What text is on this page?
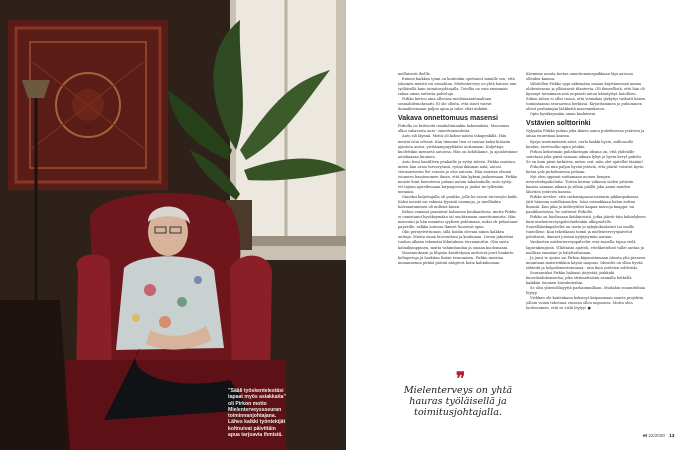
”Sääli työskentelestäsi

tapaat myös asiakkaita”

oli Pirkon motto

Mielenterveyssseuran

toiminnanjohtajana.

Lähes kaikki työntekijät

koltnuivat päivittäin

apua tarjoavia ihmisiä.

mellaisesti ihollle.

Eninen kaikkea tyimi on kuitenkin opettanut minulle sen, että jokainen meistä voi romahtaa. Mielenterveys on yhtä hauras niin työläisellä kuin toimitusjohtajalla. Totellia on vain enemmän rahaa omaa auttavia palveluja.

Pirkko kertoo aina olleensa mielenmaatemaltaan sosiaalidemokraatti. Ei ole olleita, että isiset rasvat ilomaiheensaan paljon apua ja tulee eltät mikään.

Vakava onnettomuus masensi

Pirkolla on kritisoitä omakohtainakin kokemuksia. Masennus alkoi vakavasta auto- onnettomuudesta.

Auto sili läynnä. Meitä oli kolme naista takapenkillä. Hän meistä istui edessä. Kun tiimeme tien ei vauraa kaksi kolariin ajantota autoa, yrittäminpuyyhkäisi uuttamaan. Kuljettaja kuolettikin mennetä autoissa. Hän on kohdilanne, ja ajasdutimme autokaasan kuumen.

Auto leosi kaatilleen penkaille ja syttyi tuleen. Pirkko muistaa, miten hän avasi turvavyönsä, ryömi ikkunan auki, autosi vierasaviverin ltrt voiosta ja ulos autosta. Hän muistaa olenaú istuneen bussinsumen ilman, että hän kykeni juoksemaan. Pirkko muiste kunt hemotessa pulaan autoin takaloukulle, auto syttyi, ett tajuan ajatellessaan kirpaajeesta ja juoksi tie tyllentän mennäsi.

Onneksi kuljettajalla oli puukko, jolla he saivat turvavyön kaikt. Kaksi meistä sai vakavia fyysisiä vammoja, ja tmellänkin halvaantuminen oli millenä käsen.

Kehon vammat paranivat kolmessa kuukaudessa, mutta Pirkko ei onnistunut hyväksymään tai unohtamaan onnettomuutta. Hän masentui ja hän maanitsi syyksen pohtimaan, miksi oli pelastanut paperille, valkka autossa lhmset huusivat apua.

Olin peruyrivittunnut, sillä hoidin olevani niinin kaikkea auttaja. Mietin omaa luovuuttani ja koulumaa. Lövsin jaksetiini tuohon alkaan tekemäni litkutuksen terraannittin. Olin vasta kolmikymppinen, mutta vahimitandan ja omaan kuolemaani.

Masennukseni ja lihpeän kasittelyssä auttoivat joset hankittu koltaperuja ja harkitan lisään ternomisen. Pirkko muistaa muuannenna pitkää päivää säägtevä kotia kahtalmoaan.

Kävimme monta kertaa onnettomuuspaikkaan läpi autossa olleiden kanssa.

Vähitellen Pirkko oppi näkemään omaan käyttäneensä mama olokeutensuo ja ylläistavät tilanteeta. Oli ihmeellistä, että hän oli kyennyt toimimaan niin nopeasti auton kääntyttyä katolleen. Siihen tuhen ei ollut ruoua, että voimakas järkytys vaikutti hänen toimintaansa seuraavina herkissä. Kirjoittaminen ja puhuminen olivat parhaimpia lääkkeitä masennukseen.

Opin hyväksymään oman keskeneni.

Vstävien solttorinki

Nykyään Pirkko puhuu joka ikinen aamu puhelimessa ystävien ja omaa euuremaa kanssa.

Kysyn useinmetaisti aslat, uerlu kaikki hyvin, millonsolle kuuluu, tarvitsetko apuu jotakin.

Pirkon kekseimän puhelinringin ideana on, että yhdeädle soitetaan joka päivä samaan aikaan lyhyt ja hyvin kevyt puhelu. Se on kuin pieni tarkistus, miten voit, näin olet ajatellut tänään?

Pirkolla on niin paljon hyvää ystäviä, että päivät voisivat kyvin kuluu yale puhelinnessa peliaan.

Nyt olen oppinut soittamaan monen hengen neuvottelupuheluita. Tutten kerran viikossa viiden ystävän kanssa samaan aikaan ja silloin päällä joka aamu muiden lähetiön ystävien kanssa.

Pirkko arvelee, että varhaisäpaosa-nastarin pikkaupaikassa jätti hänenm uutellaisuuden. Isäsi voimakkaan halun auttaa lhmisiä. Kun pika ja äiditeytittei kaipaa nouvoja kaappa- tai paatkliastoissa, he soittavat Pirkolle.

Pirkko on huolissaan ikäihmisistä, jotka jäävät täin kohtelyksen kuin mielenterveyspalveluidenkin ulkopuolelle. Suurellakakapalvelut on usein jo nykykokoolaiset tai omille tuntellene. Kun tekstikaasi toimii ja mielenterveyspaivelut pelottavat, ihmiset jotetan nytjäytymiin aaraan.

Vanhusten mielenterveyspalvelut ovat mosella tapaa vielä lapsenkengissä. Yllättäisin ajatteli, ettelikettelisit tullet auttaa ja mallitaa emmäne ja hätyltuttiasaan.

Ja juuri te ajatus sai Pirkon käynnistamaan ideoita ylta pieneen muuntaan muistiviikkon käynä saapuus. Ideoidet on ollaa hyvää tähteitä ja helpoitimestutunnaa - niin kuin ystävien solttrinki.

Seuraavaksi Pirkko haluaisi järjestää joukkuki kuorolaulukonsertin, joka striimattaisiin sannalla hetkellä kaikkiin Suomen hoivakoteihin.

Se olisi yhteisöllisyyttä parhaimmillaan. Muitakin suunnitelmia löytyy.

Viehken ole kuitenkaan keksinyt katpaamaan suurta projektia, jolloin voisin tuhetuna vasossa ollen unpoonsa. Mutta olen luottavainen, että se vielä löytyy! ●

❞
Mielenterveys on yhtä hauras työläisellä ja toimitusjohtajalla.
et 22/2020 13
